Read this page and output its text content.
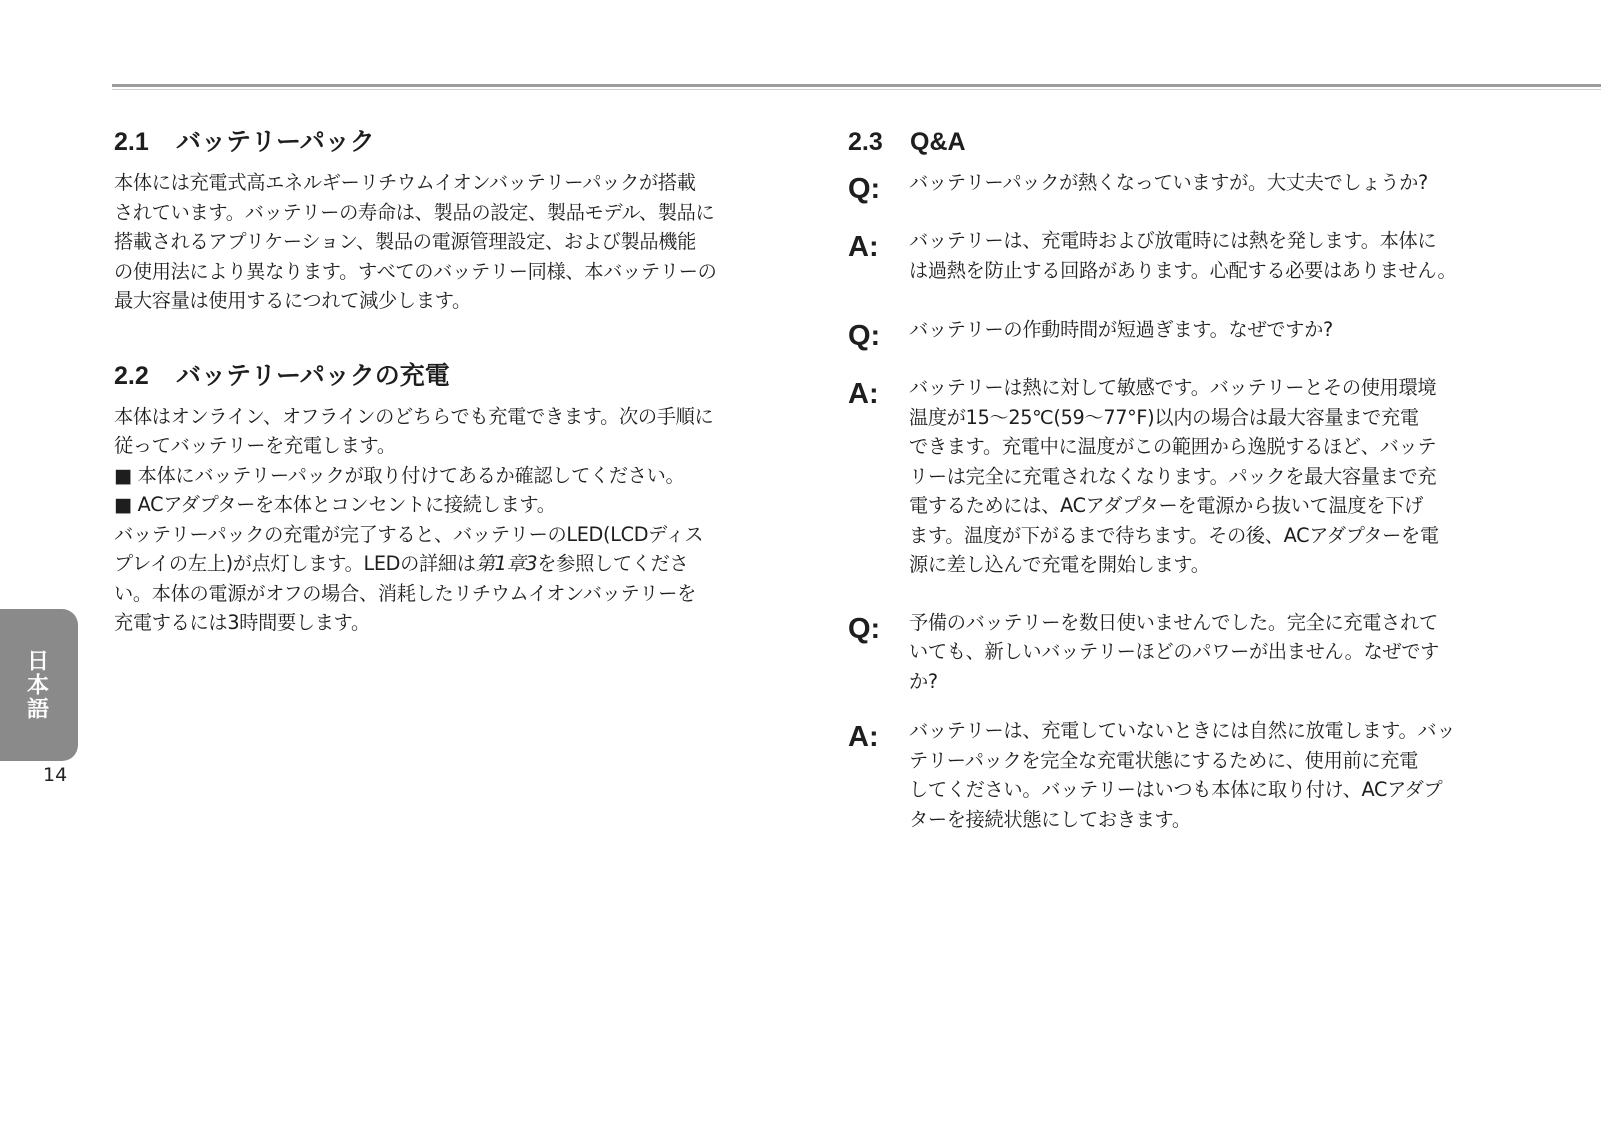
2.1	バッテリーパック

本体には充電式高エネルギーリチウムイオンバッテリーパックが搭載
されています。バッテリーの寿命は、製品の設定、製品モデル、製品に
搭載されるアプリケーション、製品の電源管理設定、および製品機能
の使用法により異なります。すべてのバッテリー同様、本バッテリーの
最大容量は使用するにつれて減少します。

2.2	バッテリーパックの充電

本体はオンライン、オフラインのどちらでも充電できます。次の手順に
従ってバッテリーを充電します。
■ 本体にバッテリーパックが取り付けてあるか確認してください。
■ ACアダプターを本体とコンセントに接続します。
バッテリーパックの充電が完了すると、バッテリーのLED(LCDディス
プレイの左上)が点灯します。LEDの詳細は第1章3を参照してくださ
い。本体の電源がオフの場合、消耗したリチウムイオンバッテリーを
充電するには3時間要します。

2.3	Q&A
Q:	バッテリーパックが熱くなっていますが。大丈夫でしょうか?
A:	バッテリーは、充電時および放電時には熱を発します。本体に
は過熱を防止する回路があります。心配する必要はありません。
Q:	バッテリーの作動時間が短過ぎます。なぜですか?
A:	バッテリーは熱に対して敏感です。バッテリーとその使用環境
温度が15～25℃(59～77°F)以内の場合は最大容量まで充電
できます。充電中に温度がこの範囲から逸脱するほど、バッテ
リーは完全に充電されなくなります。パックを最大容量まで充
電するためには、ACアダプターを電源から抜いて温度を下げ
ます。温度が下がるまで待ちます。その後、ACアダプターを電
源に差し込んで充電を開始します。
Q:	予備のバッテリーを数日使いませんでした。完全に充電されて
いても、新しいバッテリーほどのパワーが出ません。なぜです
か?
A:	バッテリーは、充電していないときには自然に放電します。バッ
テリーパックを完全な充電状態にするために、使用前に充電
してください。バッテリーはいつも本体に取り付け、ACアダプ
ターを接続状態にしておきます。
日本語
14
